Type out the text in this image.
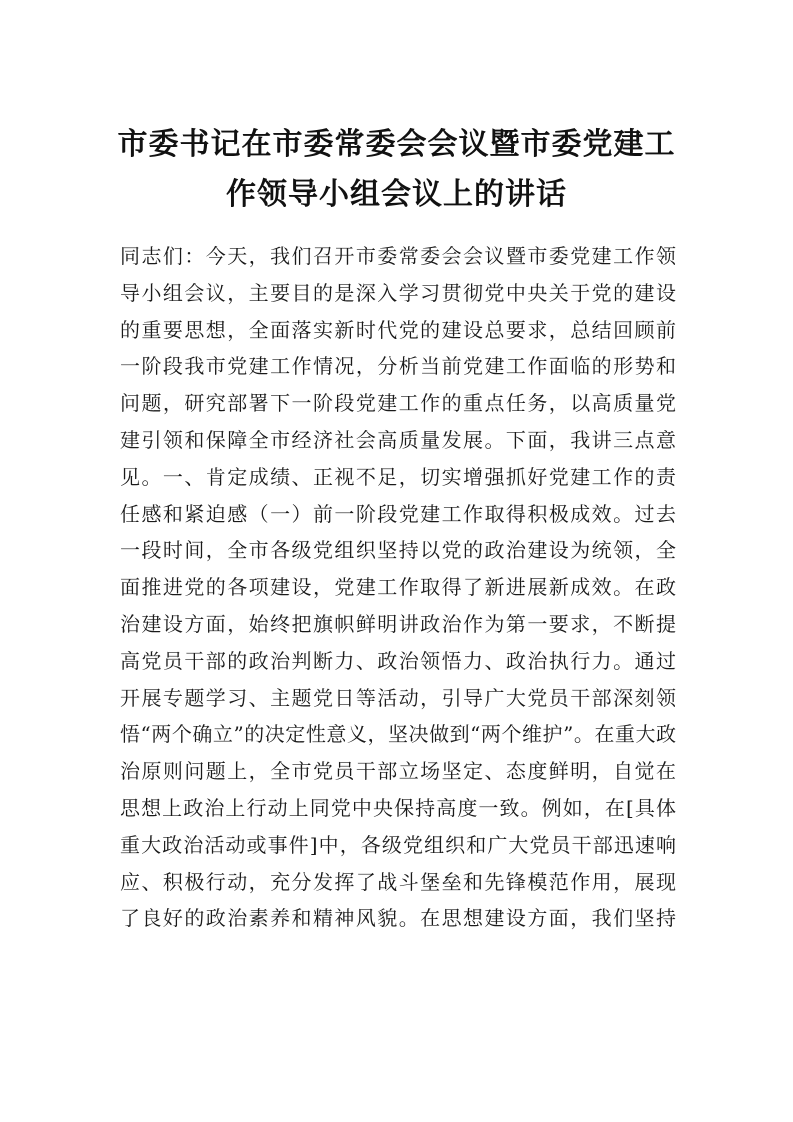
市委书记在市委常委会会议暨市委党建工
作领导小组会议上的讲话
同志们：今天，我们召开市委常委会会议暨市委党建工作领
导小组会议，主要目的是深入学习贯彻党中央关于党的建设
的重要思想，全面落实新时代党的建设总要求，总结回顾前
一阶段我市党建工作情况，分析当前党建工作面临的形势和
问题，研究部署下一阶段党建工作的重点任务，以高质量党
建引领和保障全市经济社会高质量发展。下面，我讲三点意
见。一、肯定成绩、正视不足，切实增强抓好党建工作的责
任感和紧迫感（一）前一阶段党建工作取得积极成效。过去
一段时间，全市各级党组织坚持以党的政治建设为统领，全
面推进党的各项建设，党建工作取得了新进展新成效。在政
治建设方面，始终把旗帜鲜明讲政治作为第一要求，不断提
高党员干部的政治判断力、政治领悟力、政治执行力。通过
开展专题学习、主题党日等活动，引导广大党员干部深刻领
悟“两个确立”的决定性意义，坚决做到“两个维护”。在重大政
治原则问题上，全市党员干部立场坚定、态度鲜明，自觉在
思想上政治上行动上同党中央保持高度一致。例如，在[具体
重大政治活动或事件]中，各级党组织和广大党员干部迅速响
应、积极行动，充分发挥了战斗堡垒和先锋模范作用，展现
了良好的政治素养和精神风貌。在思想建设方面，我们坚持
